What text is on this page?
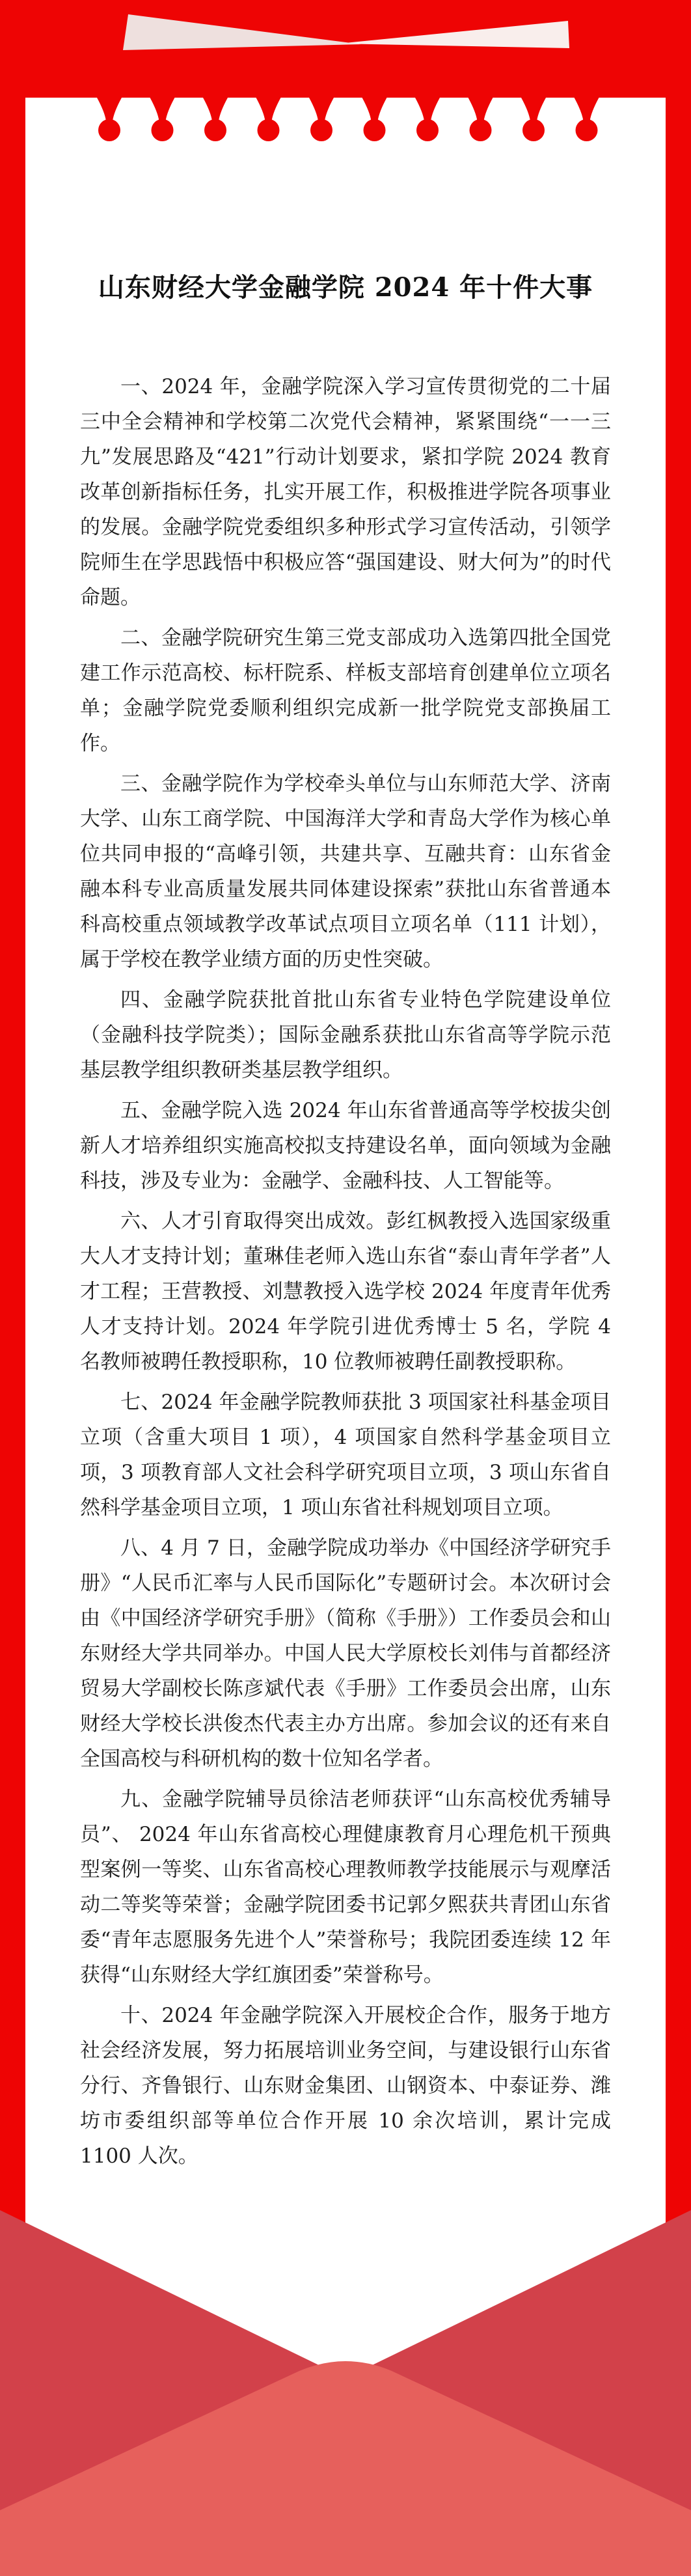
山东财经大学金融学院 2024 年十件大事

一、2024 年，金融学院深入学习宣传贯彻党的二十届三中全会精神和学校第二次党代会精神，紧紧围绕“一一三九”发展思路及“421”行动计划要求，紧扣学院 2024 教育改革创新指标任务，扎实开展工作，积极推进学院各项事业的发展。金融学院党委组织多种形式学习宣传活动，引领学院师生在学思践悟中积极应答“强国建设、财大何为”的时代命题。

二、金融学院研究生第三党支部成功入选第四批全国党建工作示范高校、标杆院系、样板支部培育创建单位立项名单；金融学院党委顺利组织完成新一批学院党支部换届工作。

三、金融学院作为学校牵头单位与山东师范大学、济南大学、山东工商学院、中国海洋大学和青岛大学作为核心单位共同申报的“高峰引领，共建共享、互融共育：山东省金融本科专业高质量发展共同体建设探索”获批山东省普通本科高校重点领域教学改革试点项目立项名单（111 计划），属于学校在教学业绩方面的历史性突破。

四、金融学院获批首批山东省专业特色学院建设单位（金融科技学院类）；国际金融系获批山东省高等学院示范基层教学组织教研类基层教学组织。

五、金融学院入选 2024 年山东省普通高等学校拔尖创新人才培养组织实施高校拟支持建设名单，面向领域为金融科技，涉及专业为：金融学、金融科技、人工智能等。

六、人才引育取得突出成效。彭红枫教授入选国家级重大人才支持计划；董琳佳老师入选山东省“泰山青年学者”人才工程；王营教授、刘慧教授入选学校 2024 年度青年优秀人才支持计划。2024 年学院引进优秀博士 5 名，学院 4 名教师被聘任教授职称，10 位教师被聘任副教授职称。

七、2024 年金融学院教师获批 3 项国家社科基金项目立项（含重大项目 1 项），4 项国家自然科学基金项目立项，3 项教育部人文社会科学研究项目立项，3 项山东省自然科学基金项目立项，1 项山东省社科规划项目立项。

八、4 月 7 日，金融学院成功举办《中国经济学研究手册》“人民币汇率与人民币国际化”专题研讨会。本次研讨会由《中国经济学研究手册》（简称《手册》）工作委员会和山东财经大学共同举办。中国人民大学原校长刘伟与首都经济贸易大学副校长陈彦斌代表《手册》工作委员会出席，山东财经大学校长洪俊杰代表主办方出席。参加会议的还有来自全国高校与科研机构的数十位知名学者。

九、金融学院辅导员徐洁老师获评“山东高校优秀辅导员”、 2024 年山东省高校心理健康教育月心理危机干预典型案例一等奖、山东省高校心理教师教学技能展示与观摩活动二等奖等荣誉；金融学院团委书记郭夕熙获共青团山东省委“青年志愿服务先进个人”荣誉称号；我院团委连续 12 年获得“山东财经大学红旗团委”荣誉称号。

十、2024 年金融学院深入开展校企合作，服务于地方社会经济发展，努力拓展培训业务空间，与建设银行山东省分行、齐鲁银行、山东财金集团、山钢资本、中泰证券、潍坊市委组织部等单位合作开展 10 余次培训，累计完成 1100 人次。
